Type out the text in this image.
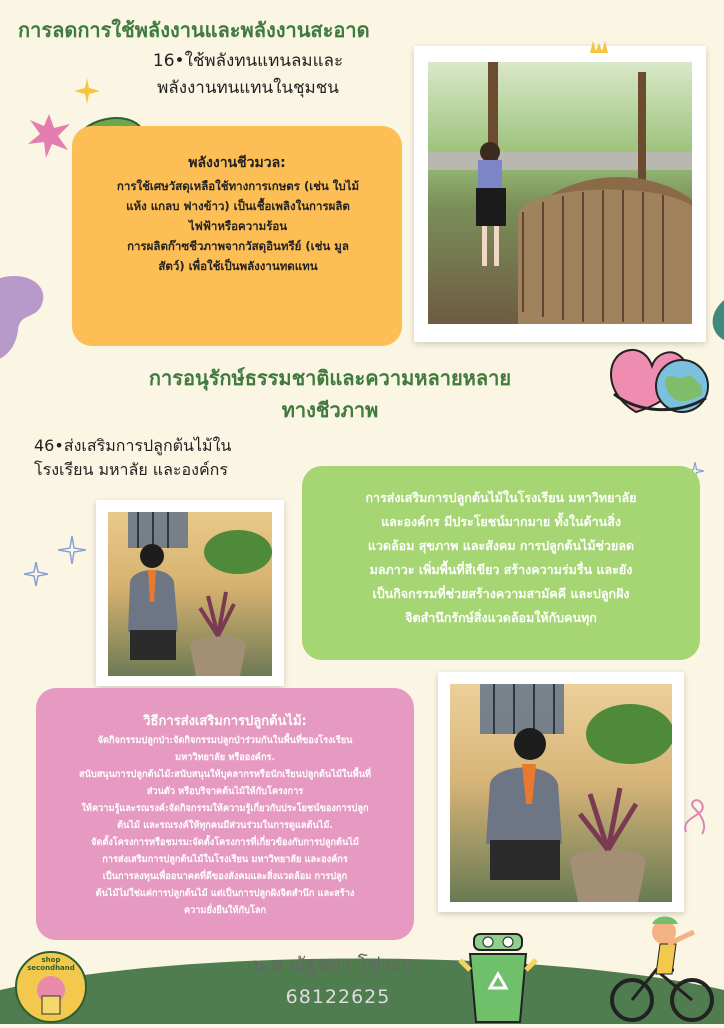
การลดการใช้พลังงานและพลังงานสะอาด
16•ใช้พลังทนแทนลมและ
พลังงานทนแทนในชุมชน
พลังงานชีวมวล:
การใช้เศษวัสดุเหลือใช้ทางการเกษตร (เช่น ใบไม้
แห้ง แกลบ ฟางข้าว) เป็นเชื้อเพลิงในการผลิต
ไฟฟ้าหรือความร้อน
การผลิตก๊าซชีวภาพจากวัสดุอินทรีย์ (เช่น มูล
สัตว์) เพื่อใช้เป็นพลังงานทดแทน
การอนุรักษ์ธรรมชาติและความหลายหลาย
ทางชีวภาพ
46•ส่งเสริมการปลูกต้นไม้ใน
โรงเรียน มหาลัย และองค์กร
การส่งเสริมการปลูกต้นไม้ในโรงเรียน มหาวิทยาลัย
และองค์กร มีประโยชน์มากมาย ทั้งในด้านสิ่ง
แวดล้อม สุขภาพ และสังคม การปลูกต้นไม้ช่วยลด
มลภาวะ เพิ่มพื้นที่สีเขียว สร้างความร่มรื่น และยัง
เป็นกิจกรรมที่ช่วยสร้างความสามัคคี และปลูกฝัง
จิตสำนึกรักษ์สิ่งแวดล้อมให้กับคนทุก
วิธีการส่งเสริมการปลูกต้นไม้:
จัดกิจกรรมปลูกป่า:จัดกิจกรรมปลูกป่าร่วมกันในพื้นที่ของโรงเรียน
มหาวิทยาลัย หรือองค์กร.
สนับสนุนการปลูกต้นไม้:สนับสนุนให้บุคลากรหรือนักเรียนปลูกต้นไม้ในพื้นที่
ส่วนตัว หรือบริจาคต้นไม้ให้กับโครงการ
ให้ความรู้และรณรงค์:จัดกิจกรรมให้ความรู้เกี่ยวกับประโยชน์ของการปลูก
ต้นไม้ และรณรงค์ให้ทุกคนมีส่วนร่วมในการดูแลต้นไม้.
จัดตั้งโครงการหรือชมรม:จัดตั้งโครงการที่เกี่ยวข้องกับการปลูกต้นไม้
การส่งเสริมการปลูกต้นไม้ในโรงเรียน มหาวิทยาลัย และองค์กร
เป็นการลงทุนเพื่ออนาคตที่ดีของสังคมและสิ่งแวดล้อม การปลูก
ต้นไม้ไม่ใช่แค่การปลูกต้นไม้ แต่เป็นการปลูกฝังจิตสำนึก และสร้าง
ความยั่งยืนให้กับโลก
น.ส ณัฐชยา โข่วะกา
68122625
shop secondhand
